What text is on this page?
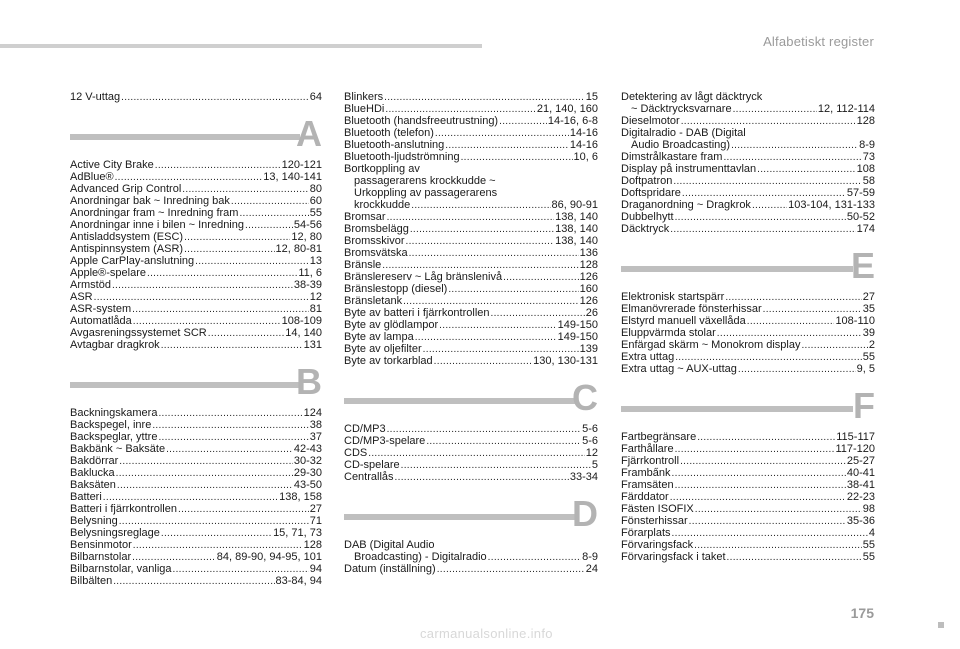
Alfabetiskt register
12 V-uttag .....	64
A
Active City Brake .....	120-121
AdBlue® .....	13, 140-141
Advanced Grip Control .....	80
Anordningar bak ~ Inredning bak .....	60
Anordningar fram ~ Inredning fram .....	55
Anordningar inne i bilen ~ Inredning .....	54-56
Antisladdsystem (ESC) .....	12, 80
Antispinnsystem (ASR) .....	12, 80-81
Apple CarPlay-anslutning .....	13
Apple®-spelare .....	11, 6
Armstöd .....	38-39
ASR .....	12
ASR-system .....	81
Automatlåda .....	108-109
Avgasreningssystemet SCR .....	14, 140
Avtagbar dragkrok .....	131
B
Backningskamera .....	124
Backspegel, inre .....	38
Backspeglar, yttre .....	37
Bakbänk ~ Baksäte .....	42-43
Bakdörrar .....	30-32
Baklucka .....	29-30
Baksäten .....	43-50
Batteri .....	138, 158
Batteri i fjärrkontrollen .....	27
Belysning .....	71
Belysningsreglage .....	15, 71, 73
Bensinmotor .....	128
Bilbarnstolar .....	84, 89-90, 94-95, 101
Bilbarnstolar, vanliga .....	94
Bilbälten .....	83-84, 94
Blinkers .....	15
BlueHDi .....	21, 140, 160
Bluetooth (handsfreeutrustning) .....	14-16, 6-8
Bluetooth (telefon) .....	14-16
Bluetooth-anslutning .....	14-16
Bluetooth-ljudströmning .....	10, 6
Bortkoppling av
passagerarens krockkudde ~
Urkoppling av passagerarens
krockkudde .....	86, 90-91
Bromsar .....	138, 140
Bromsbelägg .....	138, 140
Bromsskivor .....	138, 140
Bromsvätska .....	136
Bränsle .....	128
Bränslereserv ~ Låg bränslenivå .....	126
Bränslestopp (diesel) .....	160
Bränsletank .....	126
Byte av batteri i fjärrkontrollen .....	26
Byte av glödlampor .....	149-150
Byte av lampa .....	149-150
Byte av oljefilter .....	139
Byte av torkarblad .....	130, 130-131
C
CD/MP3 .....	5-6
CD/MP3-spelare .....	5-6
CDS .....	12
CD-spelare .....	5
Centrallås .....	33-34
D
DAB (Digital Audio
Broadcasting) - Digitalradio .....	8-9
Datum (inställning) .....	24
Detektering av lågt däcktryck
~ Däcktrycksvarnare .....	12, 112-114
Dieselmotor .....	128
Digitalradio - DAB (Digital
Audio Broadcasting) .....	8-9
Dimstrålkastare fram .....	73
Display på instrumenttavlan .....	108
Doftpatron .....	58
Doftspridare .....	57-59
Draganordning ~ Dragkrok .....	103-104, 131-133
Dubbelhytt .....	50-52
Däcktryck .....	174
E
Elektronisk startspärr .....	27
Elmanövrerade fönsterhissar .....	35
Elstyrd manuell växellåda .....	108-110
Eluppvärmda stolar .....	39
Enfärgad skärm ~ Monokrom display .....	2
Extra uttag .....	55
Extra uttag ~ AUX-uttag .....	9, 5
F
Fartbegränsare .....	115-117
Farthållare .....	117-120
Fjärrkontroll .....	25-27
Framba̋nk .....	40-41
Framsäten .....	38-41
Färddator .....	22-23
Fästen ISOFIX .....	98
Fönsterhissar .....	35-36
Förarplats .....	4
Förvaringsfack .....	55
Förvaringsfack i taket .....	55
175
carmanualsonline.info
